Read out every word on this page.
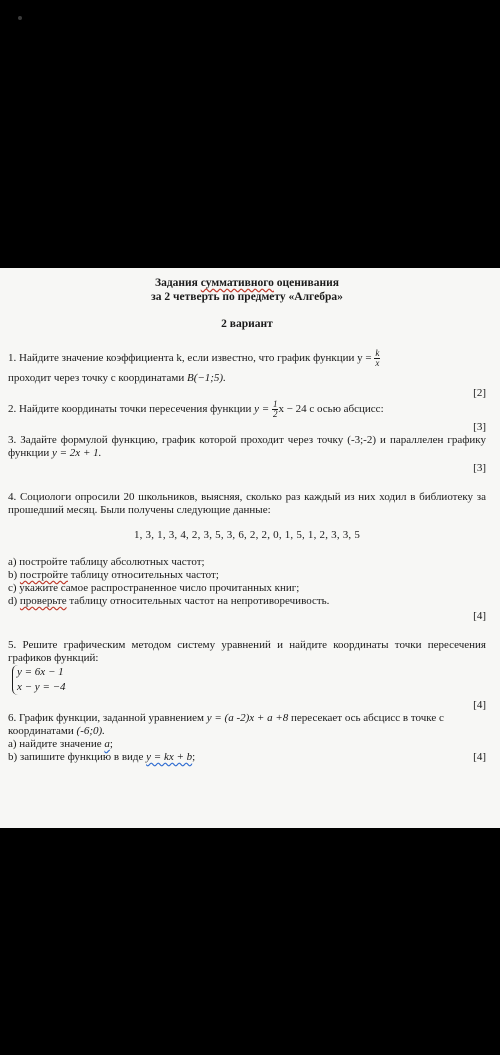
Задания суммативного оценивания
за 2 четверть по предмету «Алгебра»
2 вариант
1. Найдите значение коэффициента k, если известно, что график функции $y = \frac{k}{x}$
проходит через точку с координатами B(−1;5).
[2]
2. Найдите координаты точки пересечения функции $y = \frac{1}{2}$ x − 24 с осью абсцисс:
[3]
3. Задайте формулой функцию, график которой проходит через точку (-3;-2) и параллелен графику функции y = 2x + 1.
[3]
4. Социологи опросили 20 школьников, выясняя, сколько раз каждый из них ходил в библиотеку за прошедший месяц. Были получены следующие данные:
1, 3, 1, 3, 4, 2, 3, 5, 3, 6, 2, 2, 0, 1, 5, 1, 2, 3, 3, 5
a) постройте таблицу абсолютных частот;
b) постройте таблицу относительных частот;
c) укажите самое распространенное число прочитанных книг;
d) проверьте таблицу относительных частот на непротиворечивость.
[4]
5. Решите графическим методом систему уравнений и найдите координаты точки пересечения графиков функций:
y = 6x − 1
x − y = −4
[4]
6. График функции, заданной уравнением y = (a -2)x + a +8 пересекает ось абсцисс в точке с координатами (-6;0).
a) найдите значение a;
b) запишите функцию в виде y = kx + b;	[4]
